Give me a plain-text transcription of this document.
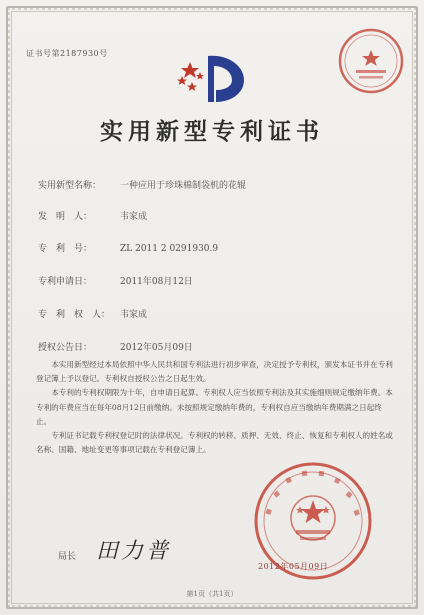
证书号第2187930号
实用新型专利证书
实用新型名称： 一种应用于珍珠棉制袋机的花辊
发　明　人：	韦家成
专　利　号：	ZL 2011 2 0291930.9
专利申请日：	2011年08月12日
专　利　权　人： 韦家成
授权公告日：	2012年05月09日

本实用新型经过本局依照中华人民共和国专利法进行初步审查，决定授予专利权，颁发本证书并在专利登记簿上予以登记。专利权自授权公告之日起生效。

本专利的专利权期限为十年，自申请日起算。专利权人应当依照专利法及其实施细则规定缴纳年费。本专利的年费应当在每年08月12日前缴纳。未按照规定缴纳年费的，专利权自应当缴纳年费期满之日起终止。

专利证书记载专利权登记时的法律状况。专利权的转移、质押、无效、终止、恢复和专利权人的姓名或名称、国籍、地址变更等事项记载在专利登记簿上。

局长 田力普
2012年05月09日
第1页（共1页）
